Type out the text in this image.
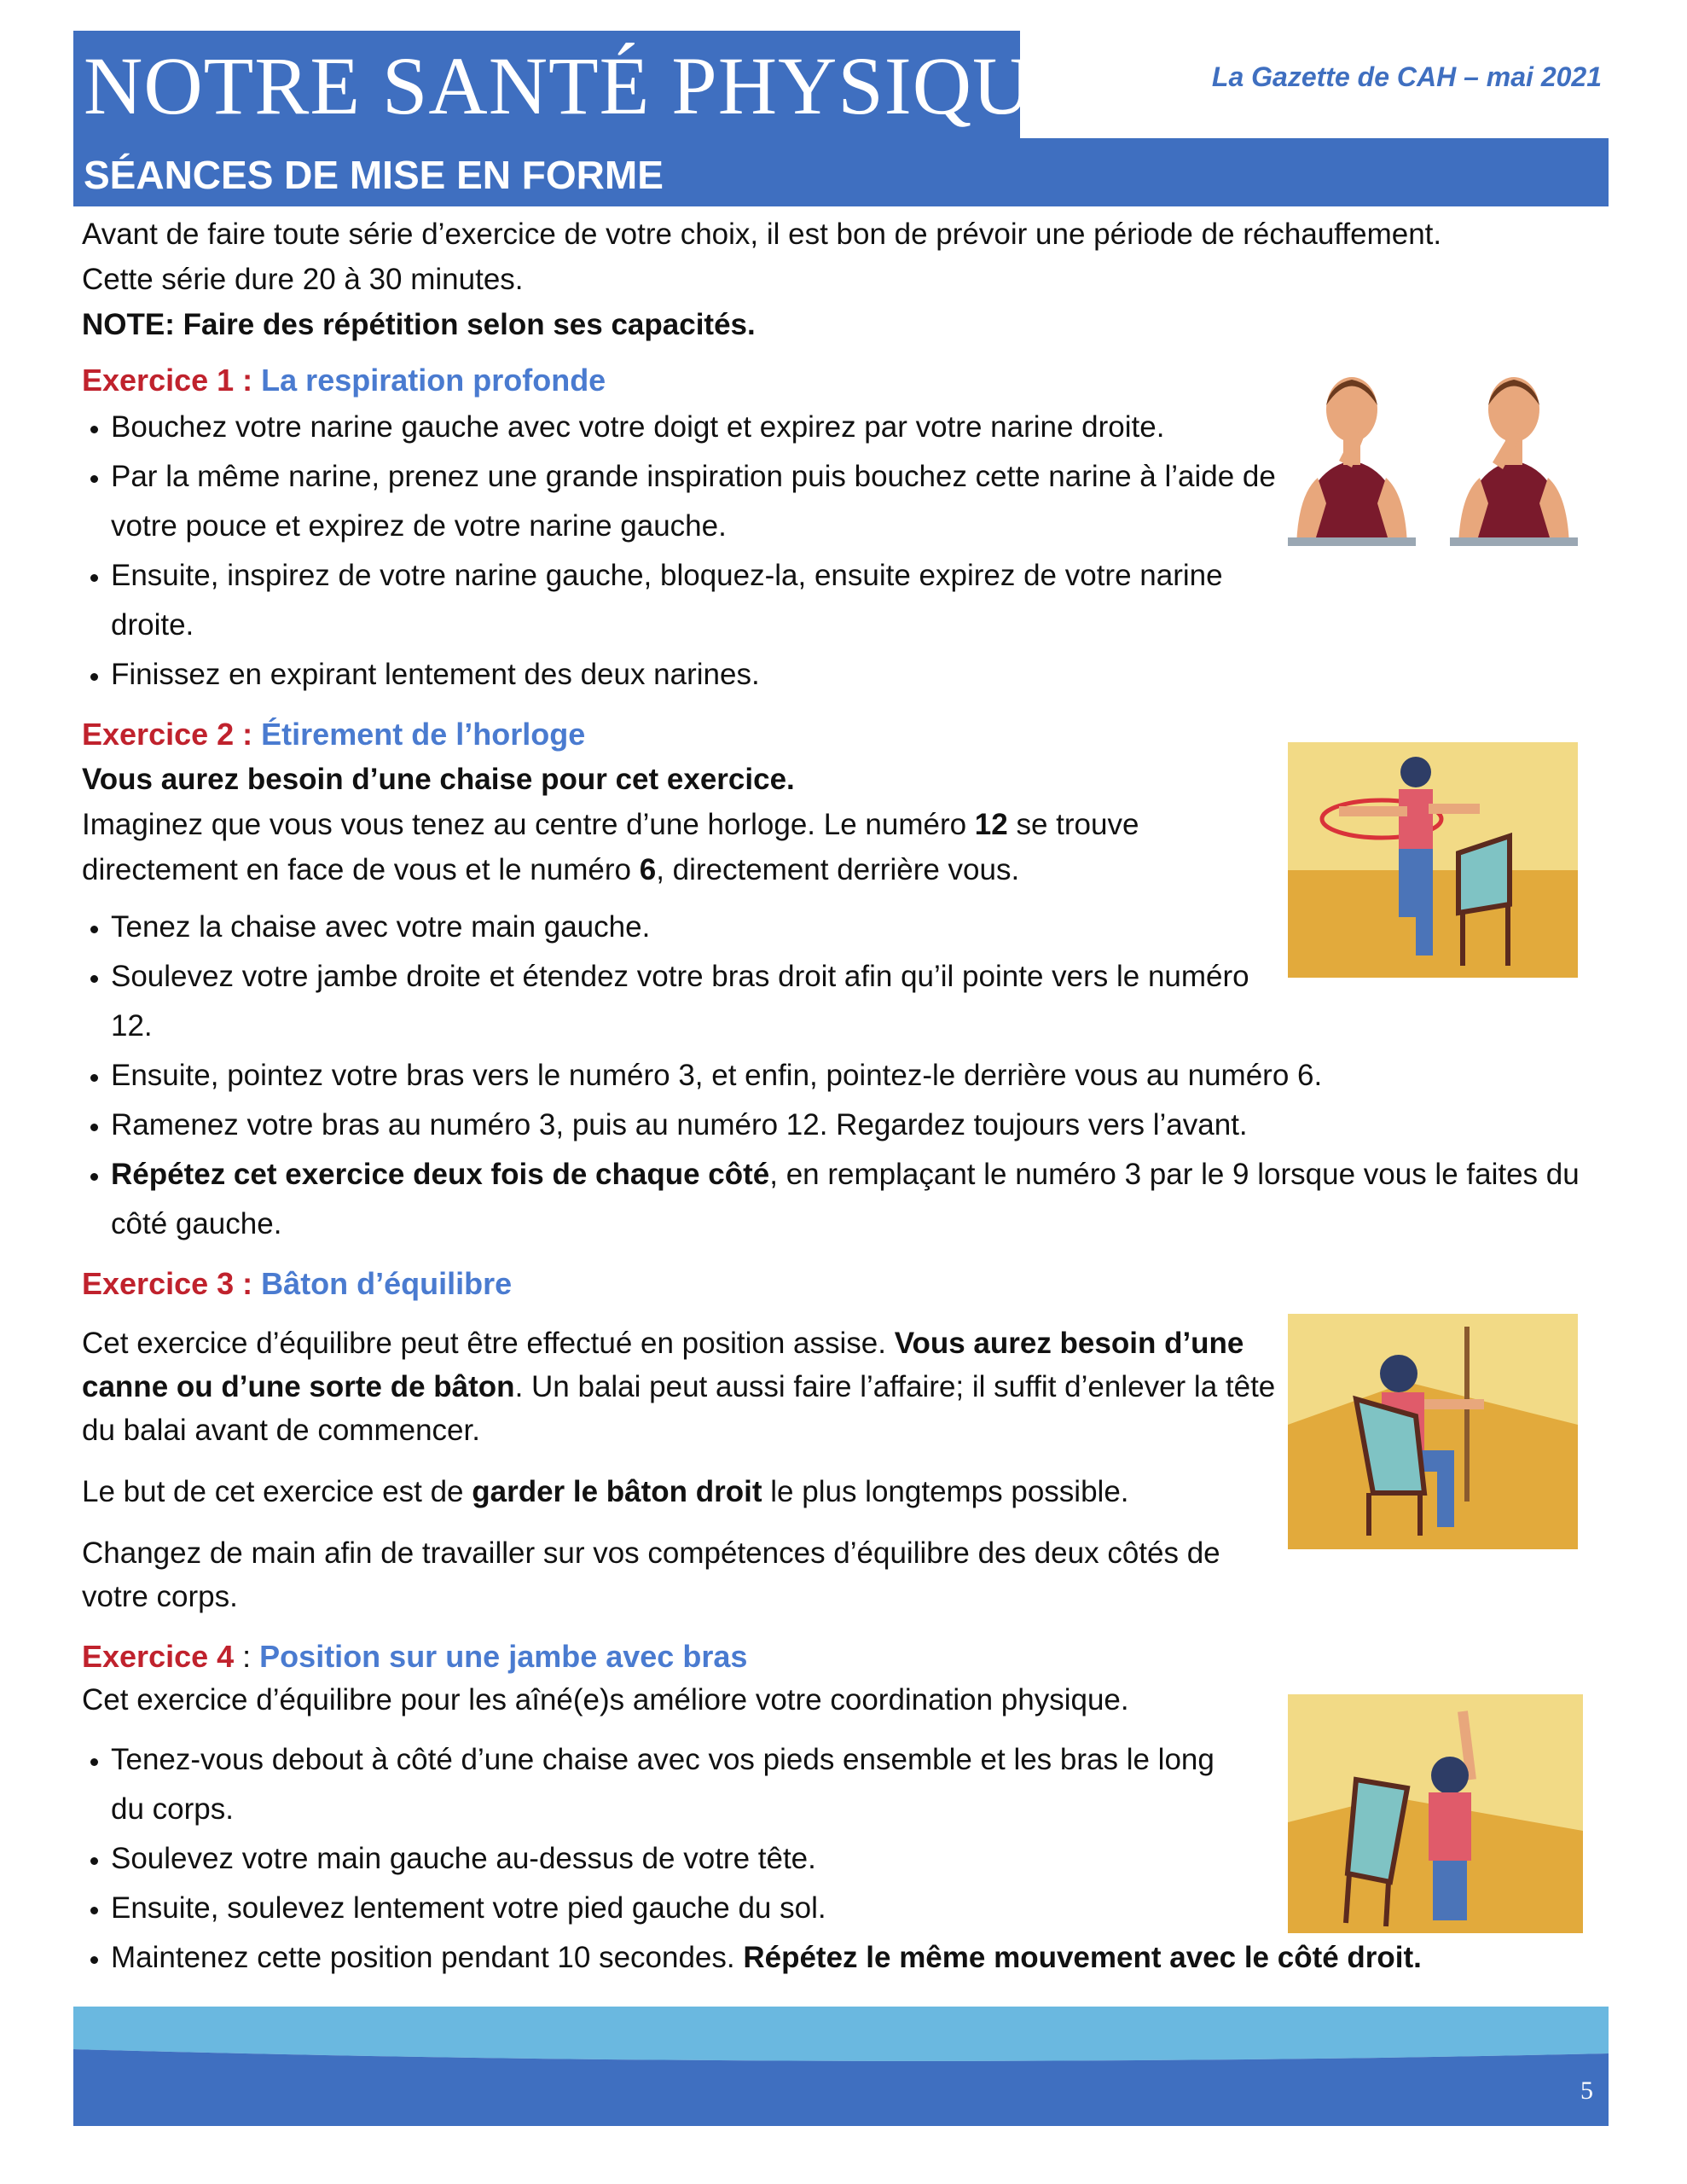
NOTRE SANTÉ PHYSIQUE	La Gazette de CAH – mai 2021
SÉANCES DE MISE EN FORME

Avant de faire toute série d’exercice de votre choix, il est bon de prévoir une période de réchauffement.

Cette série dure 20 à 30 minutes.

NOTE: Faire des répétition selon ses capacités.

Exercice 1 : La respiration profonde

• Bouchez votre narine gauche avec votre doigt et expirez par votre narine droite.
• Par la même narine, prenez une grande inspiration puis bouchez cette narine à l’aide de votre pouce et expirez de votre narine gauche.
• Ensuite, inspirez de votre narine gauche, bloquez-la, ensuite expirez de votre narine droite.
• Finissez en expirant lentement des deux narines.

Exercice 2 : Étirement de l’horloge

Vous aurez besoin d’une chaise pour cet exercice.

Imaginez que vous vous tenez au centre d’une horloge. Le numéro 12 se trouve directement en face de vous et le numéro 6, directement derrière vous.

• Tenez la chaise avec votre main gauche.
• Soulevez votre jambe droite et étendez votre bras droit afin qu’il pointe vers le numéro 12.
• Ensuite, pointez votre bras vers le numéro 3, et enfin, pointez-le derrière vous au numéro 6.
• Ramenez votre bras au numéro 3, puis au numéro 12. Regardez toujours vers l’avant.
• Répétez cet exercice deux fois de chaque côté, en remplaçant le numéro 3 par le 9 lorsque vous le faites du côté gauche.

Exercice 3 : Bâton d’équilibre

Cet exercice d’équilibre peut être effectué en position assise. Vous aurez besoin d’une canne ou d’une sorte de bâton. Un balai peut aussi faire l’affaire; il suffit d’enlever la tête du balai avant de commencer.

Le but de cet exercice est de garder le bâton droit le plus longtemps possible.

Changez de main afin de travailler sur vos compétences d’équilibre des deux côtés de votre corps.

Exercice 4 : Position sur une jambe avec bras

Cet exercice d’équilibre pour les aîné(e)s améliore votre coordination physique.

• Tenez-vous debout à côté d’une chaise avec vos pieds ensemble et les bras le long du corps.
• Soulevez votre main gauche au-dessus de votre tête.
• Ensuite, soulevez lentement votre pied gauche du sol.
• Maintenez cette position pendant 10 secondes. Répétez le même mouvement avec le côté droit.
5
